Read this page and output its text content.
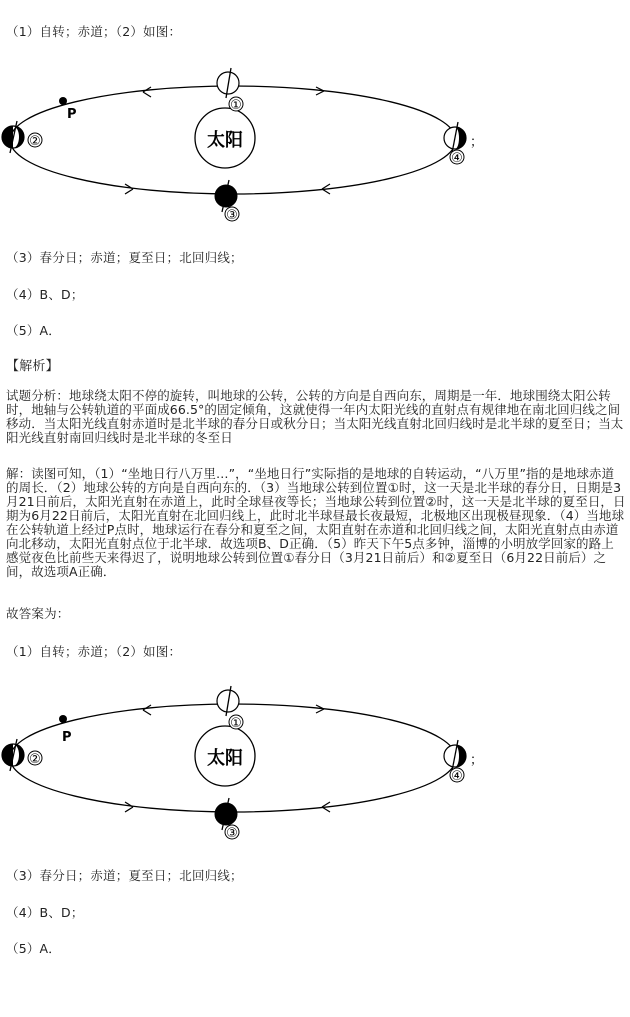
（1）自转；赤道；（2）如图：
太阳
①
②
P
③
④
；
（3）春分日；赤道；夏至日；北回归线；
（4）B、D；
（5）A．
【解析】
试题分析：地球绕太阳不停的旋转，叫地球的公转，公转的方向是自西向东，周期是一年．地球围绕太阳公转时，地轴与公转轨道的平面成66.5°的固定倾角，这就使得一年内太阳光线的直射点有规律地在南北回归线之间移动．当太阳光线直射赤道时是北半球的春分日或秋分日；当太阳光线直射北回归线时是北半球的夏至日；当太阳光线直射南回归线时是北半球的冬至日
解：读图可知，（1）“坐地日行八万里…”，“坐地日行”实际指的是地球的自转运动，“八万里”指的是地球赤道的周长．（2）地球公转的方向是自西向东的．（3）当地球公转到位置①时，这一天是北半球的春分日，日期是3月21日前后，太阳光直射在赤道上，此时全球昼夜等长；当地球公转到位置②时，这一天是北半球的夏至日，日期为6月22日前后，太阳光直射在北回归线上，此时北半球昼最长夜最短，北极地区出现极昼现象．（4）当地球在公转轨道上经过P点时，地球运行在春分和夏至之间，太阳直射在赤道和北回归线之间，太阳光直射点由赤道向北移动，太阳光直射点位于北半球．故选项B、D正确．（5）昨天下午5点多钟，淄博的小明放学回家的路上感觉夜色比前些天来得迟了，说明地球公转到位置①春分日（3月21日前后）和②夏至日（6月22日前后）之间，故选项A正确．
故答案为：
（1）自转；赤道；（2）如图：
太阳
①
②
P
③
④
；
（3）春分日；赤道；夏至日；北回归线；
（4）B、D；
（5）A．
